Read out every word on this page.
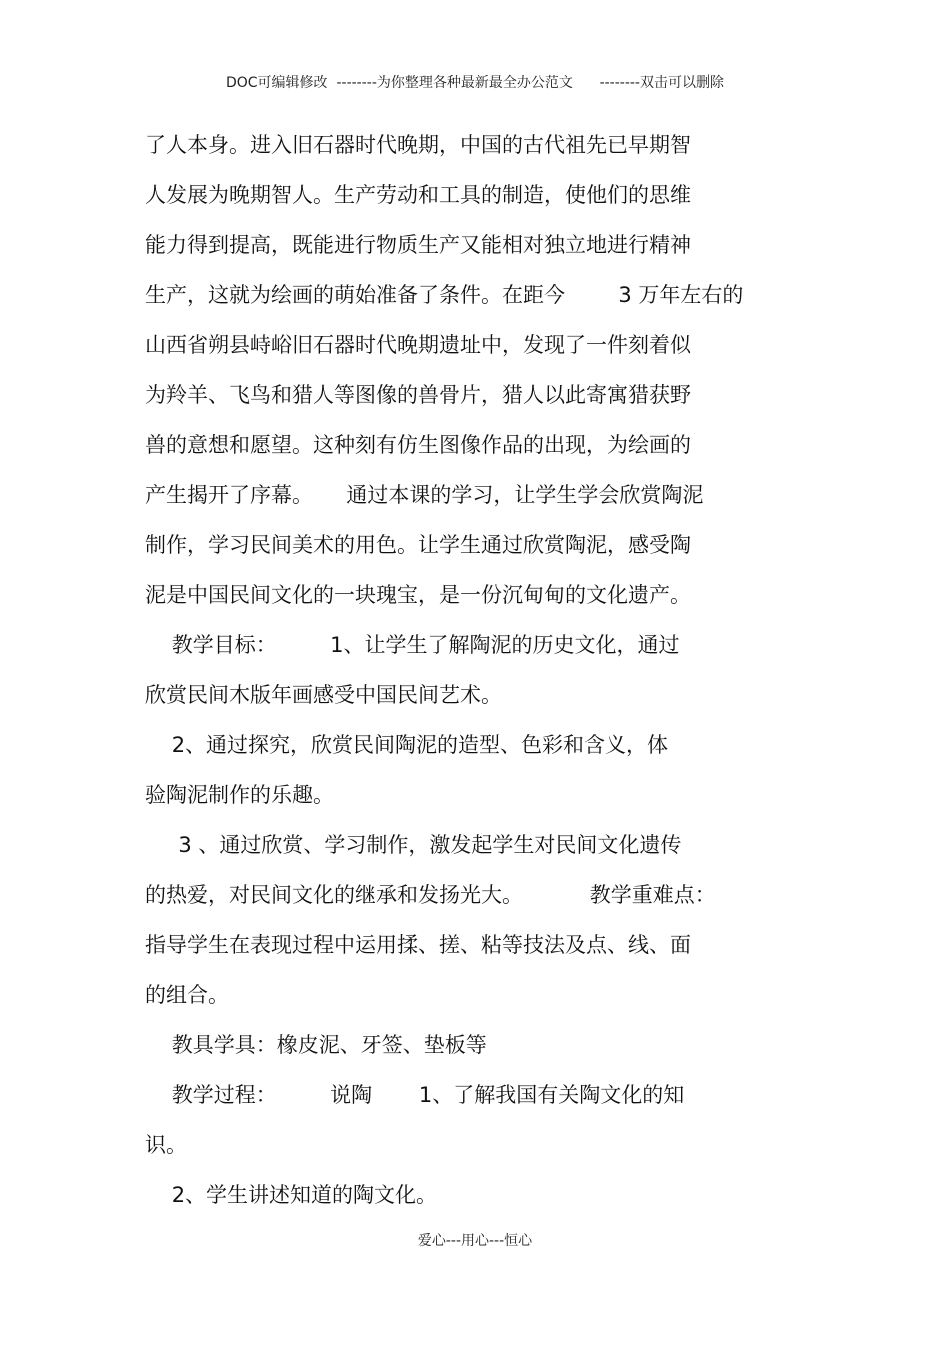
DOC可编辑修改  --------为你整理各种最新最全办公范文      --------双击可以删除
了人本身。进入旧石器时代晚期，中国的古代祖先已早期智
人发展为晚期智人。生产劳动和工具的制造，使他们的思维
能力得到提高，既能进行物质生产又能相对独立地进行精神
生产，这就为绘画的萌始准备了条件。在距今        3 万年左右的
山西省朔县峙峪旧石器时代晚期遗址中，发现了一件刻着似
为羚羊、飞鸟和猎人等图像的兽骨片，猎人以此寄寓猎获野
兽的意想和愿望。这种刻有仿生图像作品的出现，为绘画的
产生揭开了序幕。     通过本课的学习，让学生学会欣赏陶泥
制作，学习民间美术的用色。让学生通过欣赏陶泥，感受陶
泥是中国民间文化的一块瑰宝，是一份沉甸甸的文化遗产。
教学目标：        1、让学生了解陶泥的历史文化，通过
欣赏民间木版年画感受中国民间艺术。
2、通过探究，欣赏民间陶泥的造型、色彩和含义，体
验陶泥制作的乐趣。
3 、通过欣赏、学习制作，激发起学生对民间文化遗传
的热爱，对民间文化的继承和发扬光大。          教学重难点：
指导学生在表现过程中运用揉、搓、粘等技法及点、线、面
的组合。
教具学具：橡皮泥、牙签、垫板等
教学过程：        说陶       1、了解我国有关陶文化的知
识。
2、学生讲述知道的陶文化。
爱心---用心---恒心
